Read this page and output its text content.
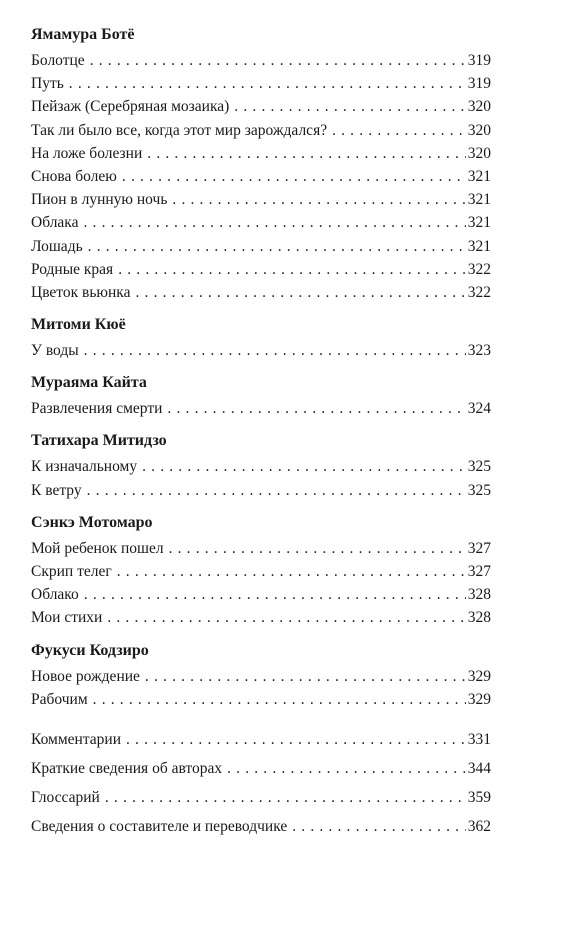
Ямамура Ботё
Болотце . . .	319
Путь . . .	319
Пейзаж (Серебряная мозаика) . . .	320
Так ли было все, когда этот мир зарождался? . . .	320
На ложе болезни . . .	320
Снова болею . . .	321
Пион в лунную ночь . . .	321
Облака . . .	321
Лошадь . . .	321
Родные края . . .	322
Цветок вьюнка . . .	322
Митоми Кюё
У воды . . .	323
Мураяма Кайта
Развлечения смерти . . .	324
Татихара Митидзо
К изначальному . . .	325
К ветру . . .	325
Сэнкэ Мотомаро
Мой ребенок пошел . . .	327
Скрип телег . . .	327
Облако . . .	328
Мои стихи . . .	328
Фукуси Кодзиро
Новое рождение . . .	329
Рабочим . . .	329
Комментарии . . .	331
Краткие сведения об авторах . . .	344
Глоссарий . . .	359
Сведения о составителе и переводчике . . .	362
